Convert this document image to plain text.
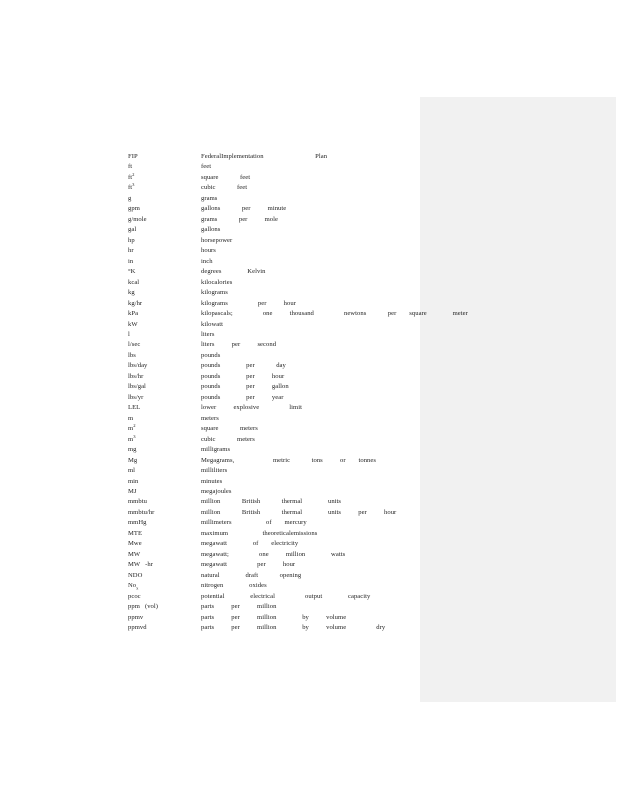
FIP	FederalImplementation            Plan
ft	feet
$ft^2$	square     feet
$ft^3$	cubic     feet
g	grams
gpm	gallons     per    minute
g/mole	grams     per    mole
gal	gallons
hp	horsepower
hr	hours
in	inch
°K	degrees      Kelvin
kcal	kilocalories
kg	kilograms
kg/hr	kilograms       per    hour
kPa	kilopascals;       one    thousand       newtons     per   square      meter
kW	kilowatt
l	liters
l/sec	liters    per    second
lbs	pounds
lbs/day	pounds      per     day
lbs/hr	pounds      per    hour
lbs/gal	pounds      per    gallon
lbs/yr	pounds      per    year
LEL	lower    explosive       limit
m	meters
$m^2$	square     meters
$m^3$	cubic     meters
mg	milligrams
Mg	Megagrams,         metric     tons    or   tonnes
ml	milliliters
min	minutes
MJ	megajoules
mmbtu	million     British     thermal      units
mmbtu/hr	million     British     thermal      units    per    hour
mmHg	millimeters        of   mercury
MTE	maximum        theoreticalemissions
Mwe	megawatt      of   electricity
MW	megawatt;       one    million      watts
MW   -hr	megawatt       per    hour
NDO	natural      draft     opening
$No_x$	nitrogen      oxides
pcoc	potential      electrical       output      capacity
ppm   (vol)	parts    per    million
ppmv	parts    per    million      by    volume
ppmvd	parts    per    million      by    volume       dry
